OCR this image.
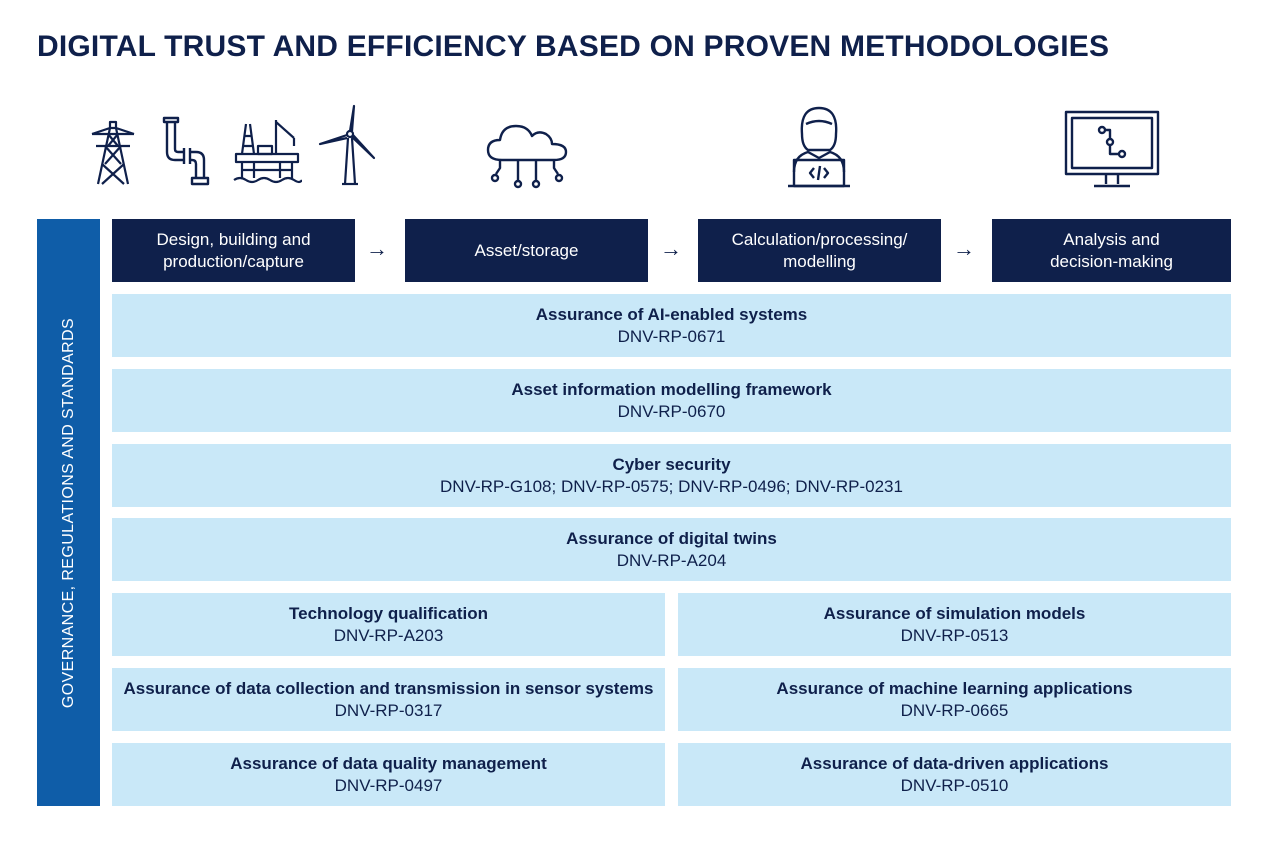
DIGITAL TRUST AND EFFICIENCY BASED ON PROVEN METHODOLOGIES
GOVERNANCE, REGULATIONS AND STANDARDS
Design, building and
production/capture	→	Asset/storage	→	Calculation/processing/
modelling	→	Analysis and
decision-making
Assurance of AI-enabled systems
DNV-RP-0671
Asset information modelling framework
DNV-RP-0670
Cyber security
DNV-RP-G108; DNV-RP-0575; DNV-RP-0496; DNV-RP-0231
Assurance of digital twins
DNV-RP-A204
Technology qualification
DNV-RP-A203
Assurance of data collection and transmission in sensor systems
DNV-RP-0317
Assurance of data quality management
DNV-RP-0497
Assurance of simulation models
DNV-RP-0513
Assurance of machine learning applications
DNV-RP-0665
Assurance of data-driven applications
DNV-RP-0510
